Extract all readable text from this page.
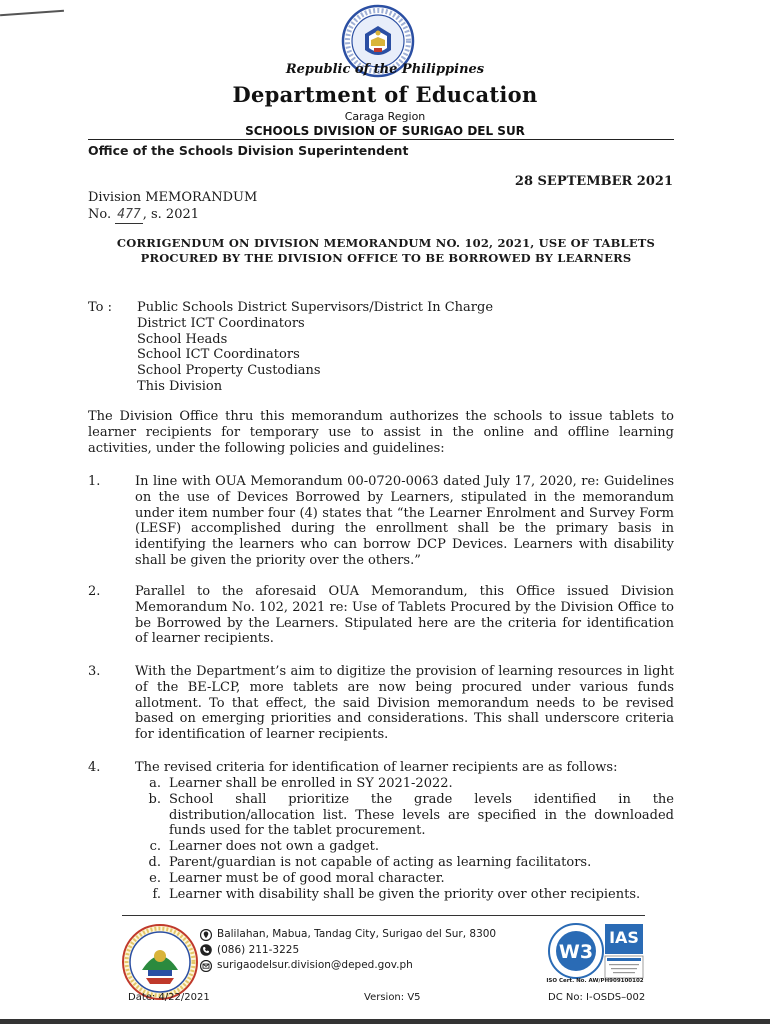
Republic of the Philippines
Department of Education
Caraga Region
SCHOOLS DIVISION OF SURIGAO DEL SUR
Office of the Schools Division Superintendent
28 SEPTEMBER 2021
Division MEMORANDUM
No. 477 , s. 2021
CORRIGENDUM ON DIVISION MEMORANDUM NO. 102, 2021, USE OF TABLETS PROCURED BY THE DIVISION OFFICE TO BE BORROWED BY LEARNERS
To : Public Schools District Supervisors/District In Charge
District ICT Coordinators
School Heads
School ICT Coordinators
School Property Custodians
This Division
The Division Office thru this memorandum authorizes the schools to issue tablets to learner recipients for temporary use to assist in the online and offline learning activities, under the following policies and guidelines:
1.	In line with OUA Memorandum 00-0720-0063 dated July 17, 2020, re: Guidelines on the use of Devices Borrowed by Learners, stipulated in the memorandum under item number four (4) states that “the Learner Enrolment and Survey Form (LESF) accomplished during the enrollment shall be the primary basis in identifying the learners who can borrow DCP Devices. Learners with disability shall be given the priority over the others.”
2.	Parallel to the aforesaid OUA Memorandum, this Office issued Division Memorandum No. 102, 2021 re: Use of Tablets Procured by the Division Office to be Borrowed by the Learners. Stipulated here are the criteria for identification of learner recipients.
3.	With the Department’s aim to digitize the provision of learning resources in light of the BE-LCP, more tablets are now being procured under various funds allotment. To that effect, the said Division memorandum needs to be revised based on emerging priorities and considerations. This shall underscore criteria for identification of learner recipients.
4.	The revised criteria for identification of learner recipients are as follows:
a. Learner shall be enrolled in SY 2021-2022.
b. School shall prioritize the grade levels identified in the distribution/allocation list. These levels are specified in the downloaded funds used for the tablet procurement.
c. Learner does not own a gadget.
d. Parent/guardian is not capable of acting as learning facilitators.
e. Learner must be of good moral character.
f. Learner with disability shall be given the priority over other recipients.
Balilahan, Mabua, Tandag City, Surigao del Sur, 8300
(086) 211-3225
surigaodelsur.division@deped.gov.ph
W3
IAS
ISO Cert. No. AW/PH909100102
Date: 4/22/2021	Version: V5	DC No: I-OSDS–002
